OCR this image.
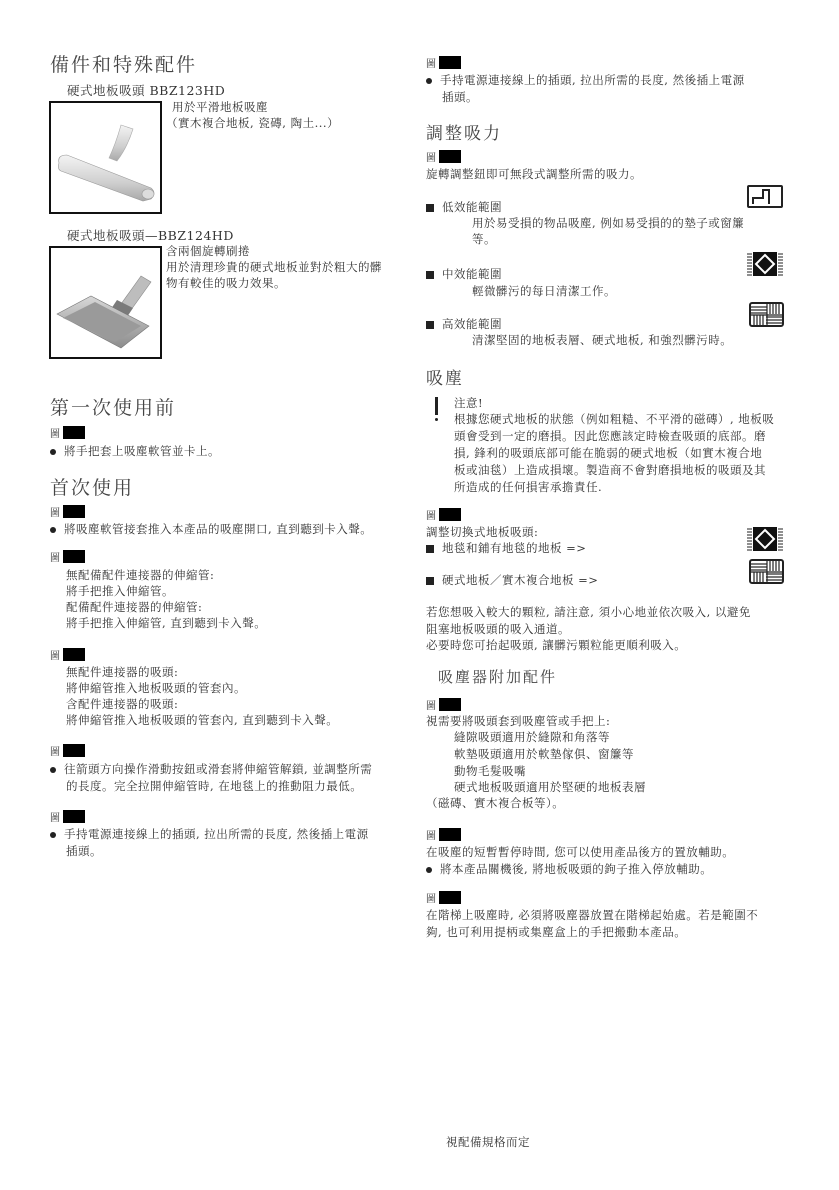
備件和特殊配件
硬式地板吸頭 BBZ123HD
用於平滑地板吸塵
（實木複合地板, 瓷磚, 陶土...）
硬式地板吸頭—BBZ124HD
含兩個旋轉刷捲
用於清理珍貴的硬式地板並對於粗大的髒
物有較佳的吸力效果。
第一次使用前
圖
將手把套上吸塵軟管並卡上。
首次使用
圖
將吸塵軟管接套推入本產品的吸塵開口, 直到聽到卡入聲。
圖
無配備配件連接器的伸縮管:
將手把推入伸縮管。
配備配件連接器的伸縮管:
將手把推入伸縮管, 直到聽到卡入聲。
圖
無配件連接器的吸頭:
將伸縮管推入地板吸頭的管套內。
含配件連接器的吸頭:
將伸縮管推入地板吸頭的管套內, 直到聽到卡入聲。
圖
往箭頭方向操作滑動按鈕或滑套將伸縮管解鎖, 並調整所需
的長度。完全拉開伸縮管時, 在地毯上的推動阻力最低。
圖
手持電源連接線上的插頭, 拉出所需的長度, 然後插上電源
插頭。
圖
手持電源連接線上的插頭, 拉出所需的長度, 然後插上電源
插頭。
調整吸力
圖
旋轉調整鈕即可無段式調整所需的吸力。
低效能範圍
用於易受損的物品吸塵, 例如易受損的的墊子或窗簾
等。
中效能範圍
輕微髒污的每日清潔工作。
高效能範圍
清潔堅固的地板表層、硬式地板, 和強烈髒污時。
吸塵
注意!
根據您硬式地板的狀態（例如粗糙、不平滑的磁磚）, 地板吸
頭會受到一定的磨損。因此您應該定時檢查吸頭的底部。磨
損, 鋒利的吸頭底部可能在脆弱的硬式地板（如實木複合地
板或油毯）上造成損壞。製造商不會對磨損地板的吸頭及其
所造成的任何損害承擔責任.
圖
調整切換式地板吸頭:
地毯和鋪有地毯的地板 =>
硬式地板／實木複合地板 =>
若您想吸入較大的顆粒, 請注意, 須小心地並依次吸入, 以避免
阻塞地板吸頭的吸入通道。
必要時您可抬起吸頭, 讓髒污顆粒能更順利吸入。
吸塵器附加配件
圖
視需要將吸頭套到吸塵管或手把上:
縫隙吸頭適用於縫隙和角落等
軟墊吸頭適用於軟墊傢俱、窗簾等
動物毛髮吸嘴
硬式地板吸頭適用於堅硬的地板表層
（磁磚、實木複合板等）。
圖
在吸塵的短暫暫停時間, 您可以使用產品後方的置放輔助。
將本產品關機後, 將地板吸頭的鉤子推入停放輔助。
圖
在階梯上吸塵時, 必須將吸塵器放置在階梯起始處。若是範圍不
夠, 也可利用提柄或集塵盒上的手把搬動本產品。
視配備規格而定
